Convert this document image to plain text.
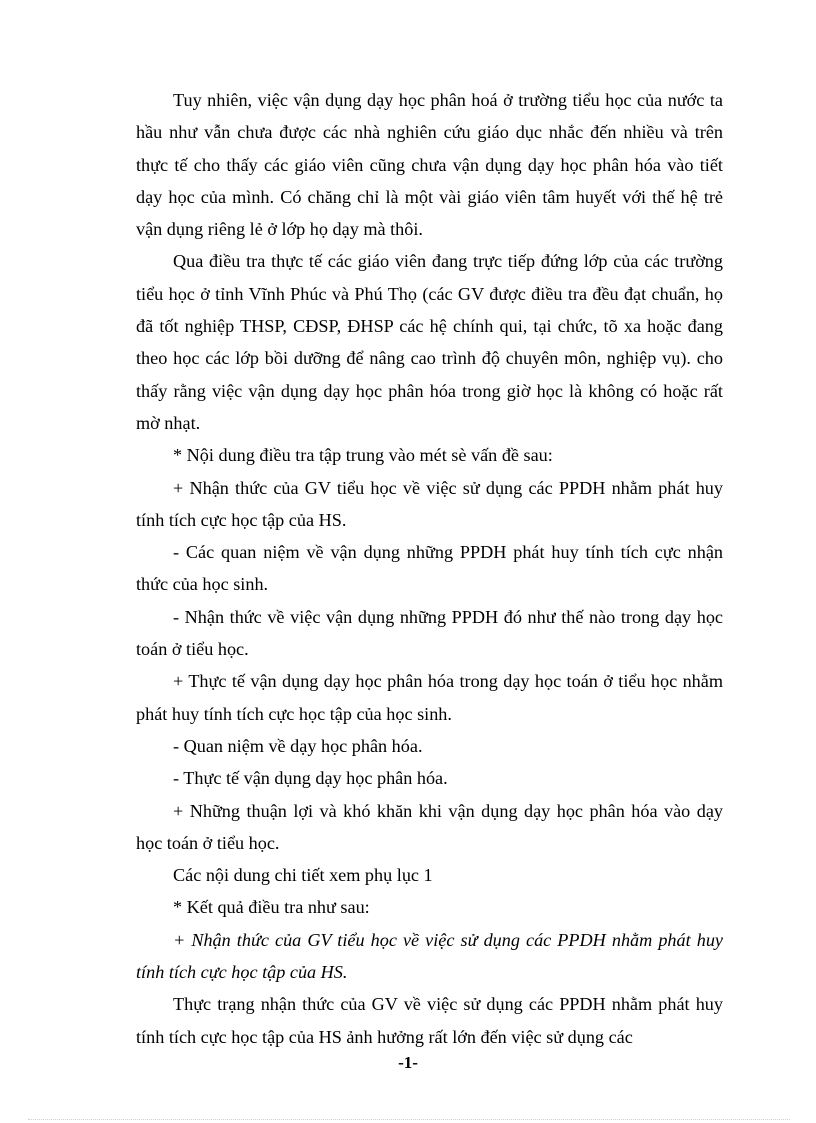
Tuy nhiên, việc vận dụng dạy học phân hoá ở trường tiểu học của nước ta hầu như vẫn chưa được các nhà nghiên cứu giáo dục nhắc đến nhiều và trên thực tế cho thấy các giáo viên cũng chưa vận dụng dạy học phân hóa vào tiết dạy học của mình. Có chăng chỉ là một vài giáo viên tâm huyết với thế hệ trẻ vận dụng riêng lẻ ở lớp họ dạy mà thôi.

Qua điều tra thực tế các giáo viên đang trực tiếp đứng lớp của các trường tiểu học ở tỉnh Vĩnh Phúc và Phú Thọ (các GV được điều tra đều đạt chuẩn, họ đã tốt nghiệp THSP, CĐSP, ĐHSP các hệ chính qui, tại chức, tõ xa hoặc đang theo học các lớp bồi dưỡng để nâng cao trình độ chuyên môn, nghiệp vụ). cho thấy rằng việc vận dụng dạy học phân hóa trong giờ học là không có hoặc rất mờ nhạt.

* Nội dung điều tra tập trung vào mét sè vấn đề sau:

+ Nhận thức của GV tiểu học về việc sử dụng các PPDH nhằm phát huy tính tích cực học tập của HS.

- Các quan niệm về vận dụng những PPDH phát huy tính tích cực nhận thức của học sinh.

- Nhận thức về việc vận dụng những PPDH đó như thế nào trong dạy học toán ở tiểu học.

+ Thực tế vận dụng dạy học phân hóa trong dạy học toán ở tiểu học nhằm phát huy tính tích cực học tập của học sinh.

- Quan niệm về dạy học phân hóa.

- Thực tế vận dụng dạy học phân hóa.

+ Những thuận lợi và khó khăn khi vận dụng dạy học phân hóa vào dạy học toán ở tiểu học.

Các nội dung chi tiết xem phụ lục 1

* Kết quả điều tra như sau:

+ Nhận thức của GV tiểu học về việc sử dụng các PPDH nhằm phát huy tính tích cực học tập của HS.

Thực trạng nhận thức của GV về việc sử dụng các PPDH nhằm phát huy tính tích cực học tập của HS ảnh hưởng rất lớn đến việc sử dụng các

-1-
